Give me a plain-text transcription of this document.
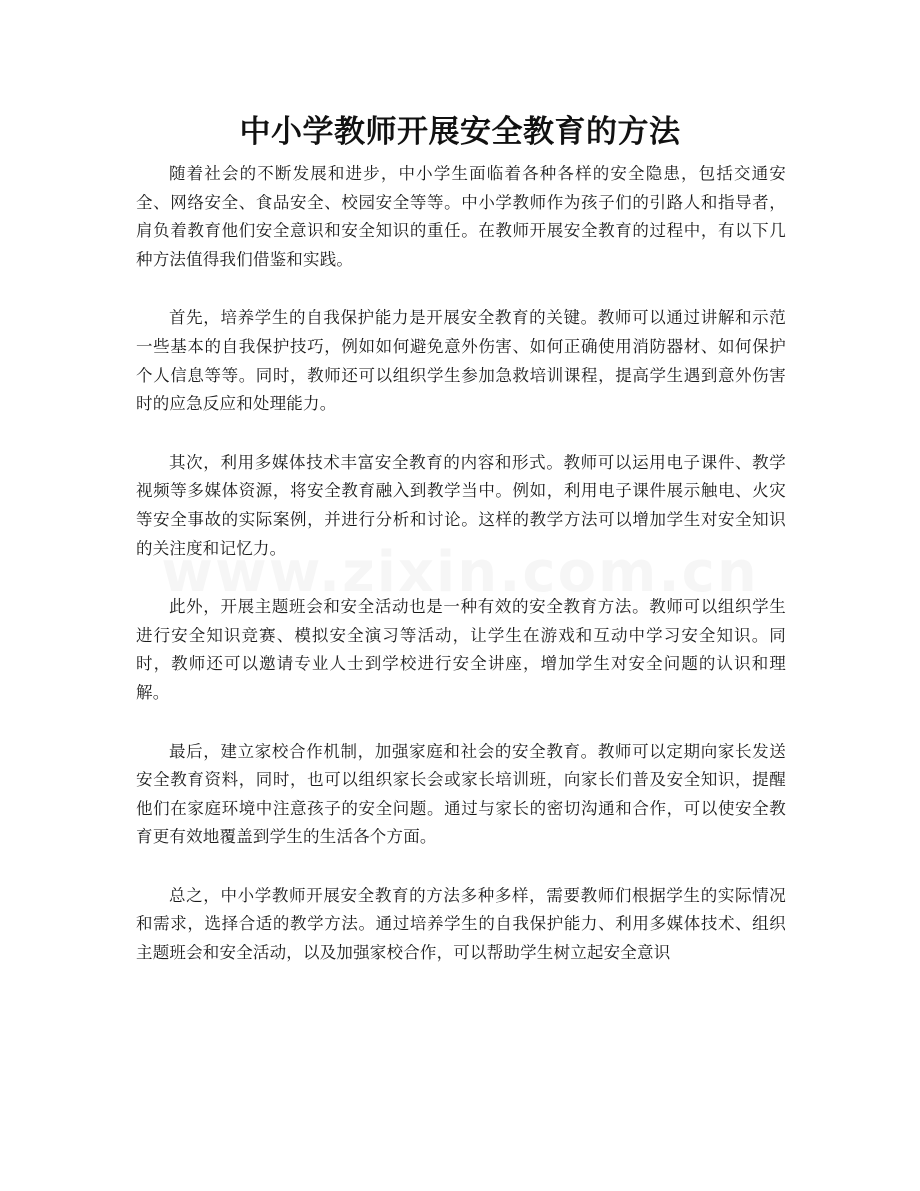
中小学教师开展安全教育的方法

随着社会的不断发展和进步，中小学生面临着各种各样的安全隐患，包括交通安全、网络安全、食品安全、校园安全等等。中小学教师作为孩子们的引路人和指导者，肩负着教育他们安全意识和安全知识的重任。在教师开展安全教育的过程中，有以下几种方法值得我们借鉴和实践。

首先，培养学生的自我保护能力是开展安全教育的关键。教师可以通过讲解和示范一些基本的自我保护技巧，例如如何避免意外伤害、如何正确使用消防器材、如何保护个人信息等等。同时，教师还可以组织学生参加急救培训课程，提高学生遇到意外伤害时的应急反应和处理能力。

其次，利用多媒体技术丰富安全教育的内容和形式。教师可以运用电子课件、教学视频等多媒体资源，将安全教育融入到教学当中。例如，利用电子课件展示触电、火灾等安全事故的实际案例，并进行分析和讨论。这样的教学方法可以增加学生对安全知识的关注度和记忆力。

此外，开展主题班会和安全活动也是一种有效的安全教育方法。教师可以组织学生进行安全知识竞赛、模拟安全演习等活动，让学生在游戏和互动中学习安全知识。同时，教师还可以邀请专业人士到学校进行安全讲座，增加学生对安全问题的认识和理解。

最后，建立家校合作机制，加强家庭和社会的安全教育。教师可以定期向家长发送安全教育资料，同时，也可以组织家长会或家长培训班，向家长们普及安全知识，提醒他们在家庭环境中注意孩子的安全问题。通过与家长的密切沟通和合作，可以使安全教育更有效地覆盖到学生的生活各个方面。

总之，中小学教师开展安全教育的方法多种多样，需要教师们根据学生的实际情况和需求，选择合适的教学方法。通过培养学生的自我保护能力、利用多媒体技术、组织主题班会和安全活动，以及加强家校合作，可以帮助学生树立起安全意识
